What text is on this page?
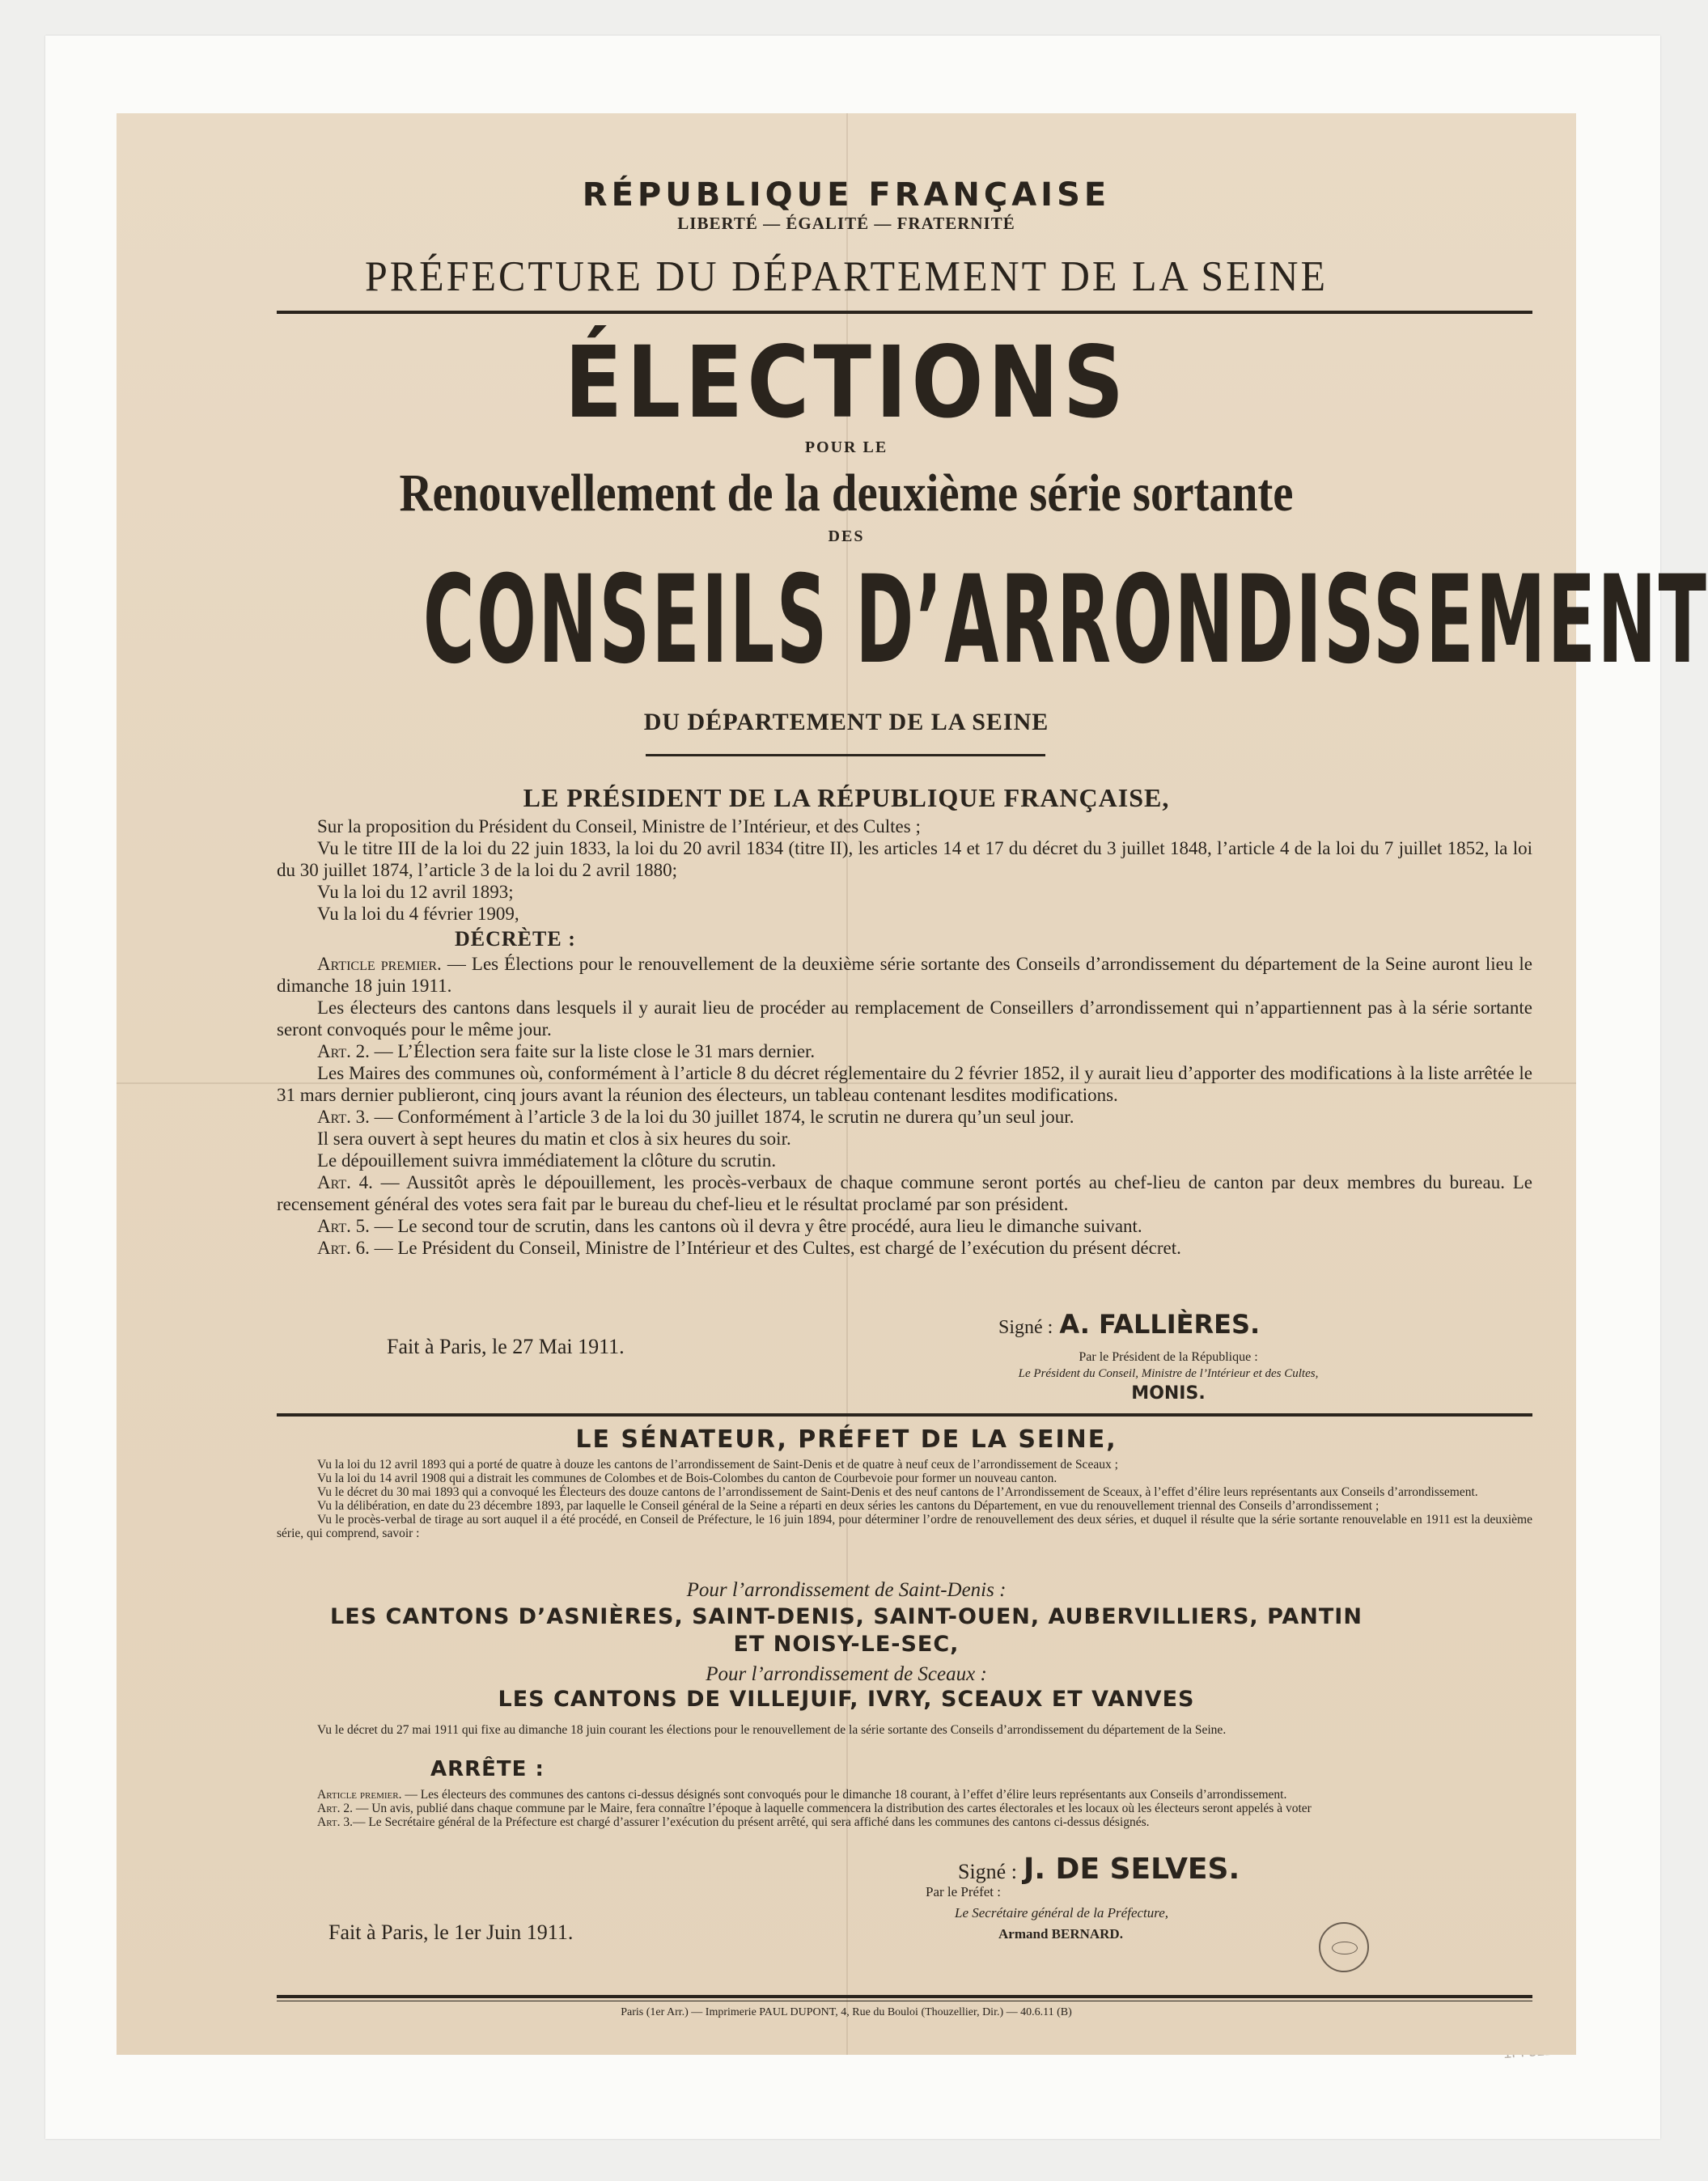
RÉPUBLIQUE FRANÇAISE
LIBERTÉ — ÉGALITÉ — FRATERNITÉ
PRÉFECTURE DU DÉPARTEMENT DE LA SEINE
ÉLECTIONS
POUR LE
Renouvellement de la deuxième série sortante
DES
CONSEILS D’ARRONDISSEMENT
DU DÉPARTEMENT DE LA SEINE
LE PRÉSIDENT DE LA RÉPUBLIQUE FRANÇAISE,

Sur la proposition du Président du Conseil, Ministre de l’Intérieur, et des Cultes ;

Vu le titre III de la loi du 22 juin 1833, la loi du 20 avril 1834 (titre II), les articles 14 et 17 du décret du 3 juillet 1848, l’article 4 de la loi du 7 juillet 1852, la loi du 30 juillet 1874, l’article 3 de la loi du 2 avril 1880;

Vu la loi du 12 avril 1893;

Vu la loi du 4 février 1909,

DÉCRÈTE :

Article premier. — Les Élections pour le renouvellement de la deuxième série sortante des Conseils d’arrondissement du département de la Seine auront lieu le dimanche 18 juin 1911.

Les électeurs des cantons dans lesquels il y aurait lieu de procéder au remplacement de Conseillers d’arrondissement qui n’appartiennent pas à la série sortante seront convoqués pour le même jour.

Art. 2. — L’Élection sera faite sur la liste close le 31 mars dernier.

Les Maires des communes où, conformément à l’article 8 du décret réglementaire du 2 février 1852, il y aurait lieu d’apporter des modifications à la liste arrêtée le 31 mars dernier publieront, cinq jours avant la réunion des électeurs, un tableau contenant lesdites modifications.

Art. 3. — Conformément à l’article 3 de la loi du 30 juillet 1874, le scrutin ne durera qu’un seul jour.

Il sera ouvert à sept heures du matin et clos à six heures du soir.

Le dépouillement suivra immédiatement la clôture du scrutin.

Art. 4. — Aussitôt après le dépouillement, les procès-verbaux de chaque commune seront portés au chef-lieu de canton par deux membres du bureau. Le recensement général des votes sera fait par le bureau du chef-lieu et le résultat proclamé par son président.

Art. 5. — Le second tour de scrutin, dans les cantons où il devra y être procédé, aura lieu le dimanche suivant.

Art. 6. — Le Président du Conseil, Ministre de l’Intérieur et des Cultes, est chargé de l’exécution du présent décret.

Signé : A. FALLIÈRES.
Fait à Paris, le 27 Mai 1911.	Par le Président de la République :
Le Président du Conseil, Ministre de l’Intérieur et des Cultes,
MONIS.
LE SÉNATEUR, PRÉFET DE LA SEINE,

Vu la loi du 12 avril 1893 qui a porté de quatre à douze les cantons de l’arrondissement de Saint-Denis et de quatre à neuf ceux de l’arrondissement de Sceaux ;

Vu la loi du 14 avril 1908 qui a distrait les communes de Colombes et de Bois-Colombes du canton de Courbevoie pour former un nouveau canton.

Vu le décret du 30 mai 1893 qui a convoqué les Électeurs des douze cantons de l’arrondissement de Saint-Denis et des neuf cantons de l’Arrondissement de Sceaux, à l’effet d’élire leurs représentants aux Conseils d’arrondissement.

Vu la délibération, en date du 23 décembre 1893, par laquelle le Conseil général de la Seine a réparti en deux séries les cantons du Département, en vue du renouvellement triennal des Conseils d’arrondissement ;

Vu le procès-verbal de tirage au sort auquel il a été procédé, en Conseil de Préfecture, le 16 juin 1894, pour déterminer l’ordre de renouvellement des deux séries, et duquel il résulte que la série sortante renouvelable en 1911 est la deuxième série, qui comprend, savoir :

Pour l’arrondissement de Saint-Denis :
LES CANTONS D’ASNIÈRES, SAINT-DENIS, SAINT-OUEN, AUBERVILLIERS, PANTIN
ET NOISY-LE-SEC,
Pour l’arrondissement de Sceaux :
LES CANTONS DE VILLEJUIF, IVRY, SCEAUX ET VANVES

Vu le décret du 27 mai 1911 qui fixe au dimanche 18 juin courant les élections pour le renouvellement de la série sortante des Conseils d’arrondissement du département de la Seine.

ARRÊTE :

Article premier. — Les électeurs des communes des cantons ci-dessus désignés sont convoqués pour le dimanche 18 courant, à l’effet d’élire leurs représentants aux Conseils d’arrondissement.

Art. 2. — Un avis, publié dans chaque commune par le Maire, fera connaître l’époque à laquelle commencera la distribution des cartes électorales et les locaux où les électeurs seront appelés à voter

Art. 3.— Le Secrétaire général de la Préfecture est chargé d’assurer l’exécution du présent arrêté, qui sera affiché dans les communes des cantons ci-dessus désignés.

Signé : J. DE SELVES.
Fait à Paris, le 1er Juin 1911.
Par le Préfet :
Le Secrétaire général de la Préfecture,
Armand BERNARD.
Paris (1er Arr.) — Imprimerie PAUL DUPONT, 4, Rue du Bouloi (Thouzellier, Dir.) — 40.6.11 (B)
